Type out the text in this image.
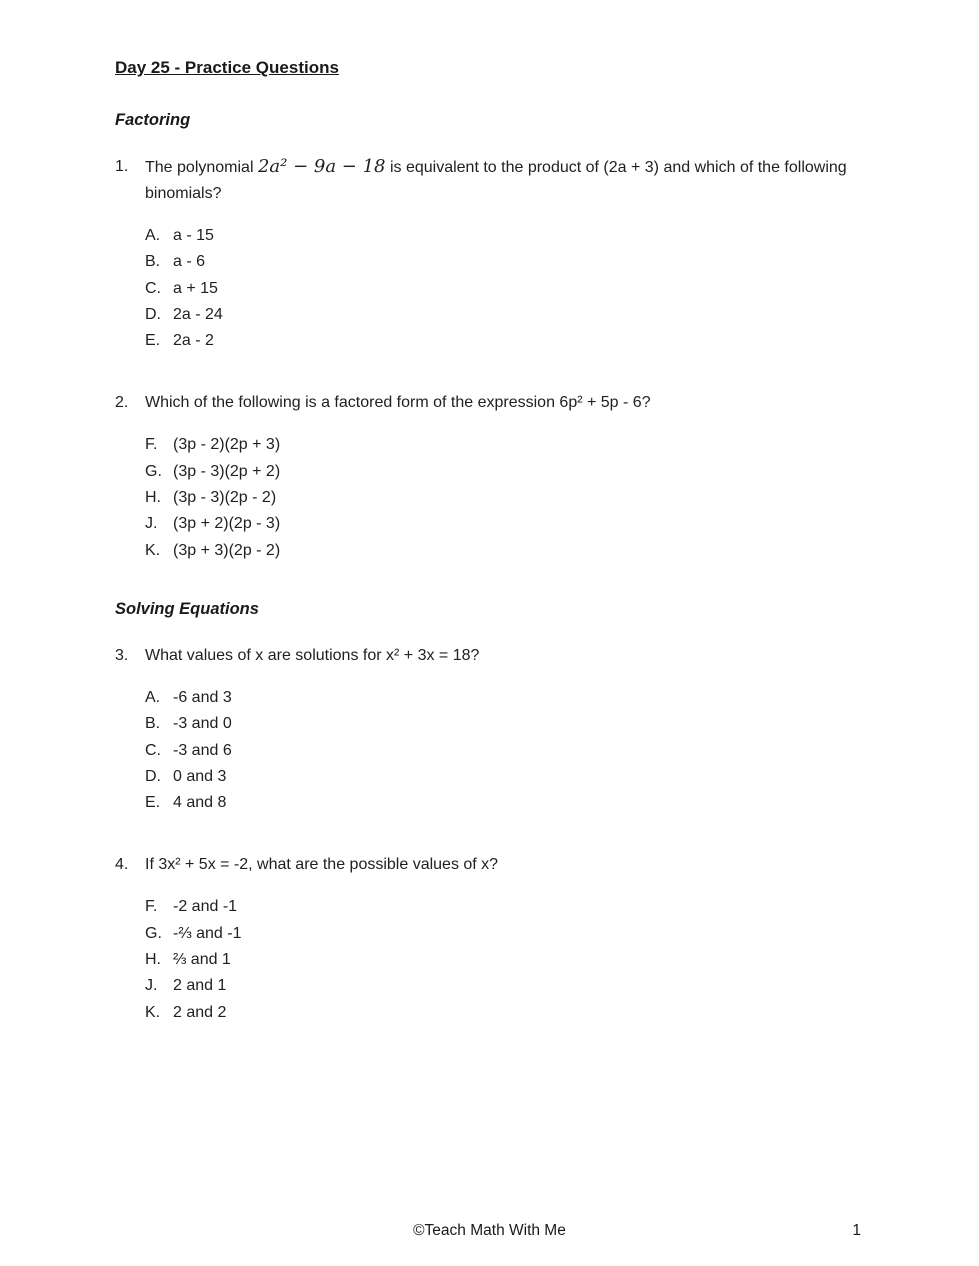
Day 25 - Practice Questions
Factoring
1.	The polynomial 2a² − 9a − 18 is equivalent to the product of (2a + 3) and which of the following binomials?
A. a - 15
B. a - 6
C. a + 15
D. 2a - 24
E. 2a - 2
2.	Which of the following is a factored form of the expression 6p² + 5p - 6?
F. (3p - 2)(2p + 3)
G. (3p - 3)(2p + 2)
H. (3p - 3)(2p - 2)
J. (3p + 2)(2p - 3)
K. (3p + 3)(2p - 2)
Solving Equations
3.	What values of x are solutions for x² + 3x = 18?
A. -6 and 3
B. -3 and 0
C. -3 and 6
D. 0 and 3
E. 4 and 8
4.	If 3x² + 5x = -2, what are the possible values of x?
F. -2 and -1
G. -⅔ and -1
H. ⅔ and 1
J. 2 and 1
K. 2 and 2
©Teach Math With Me	1
